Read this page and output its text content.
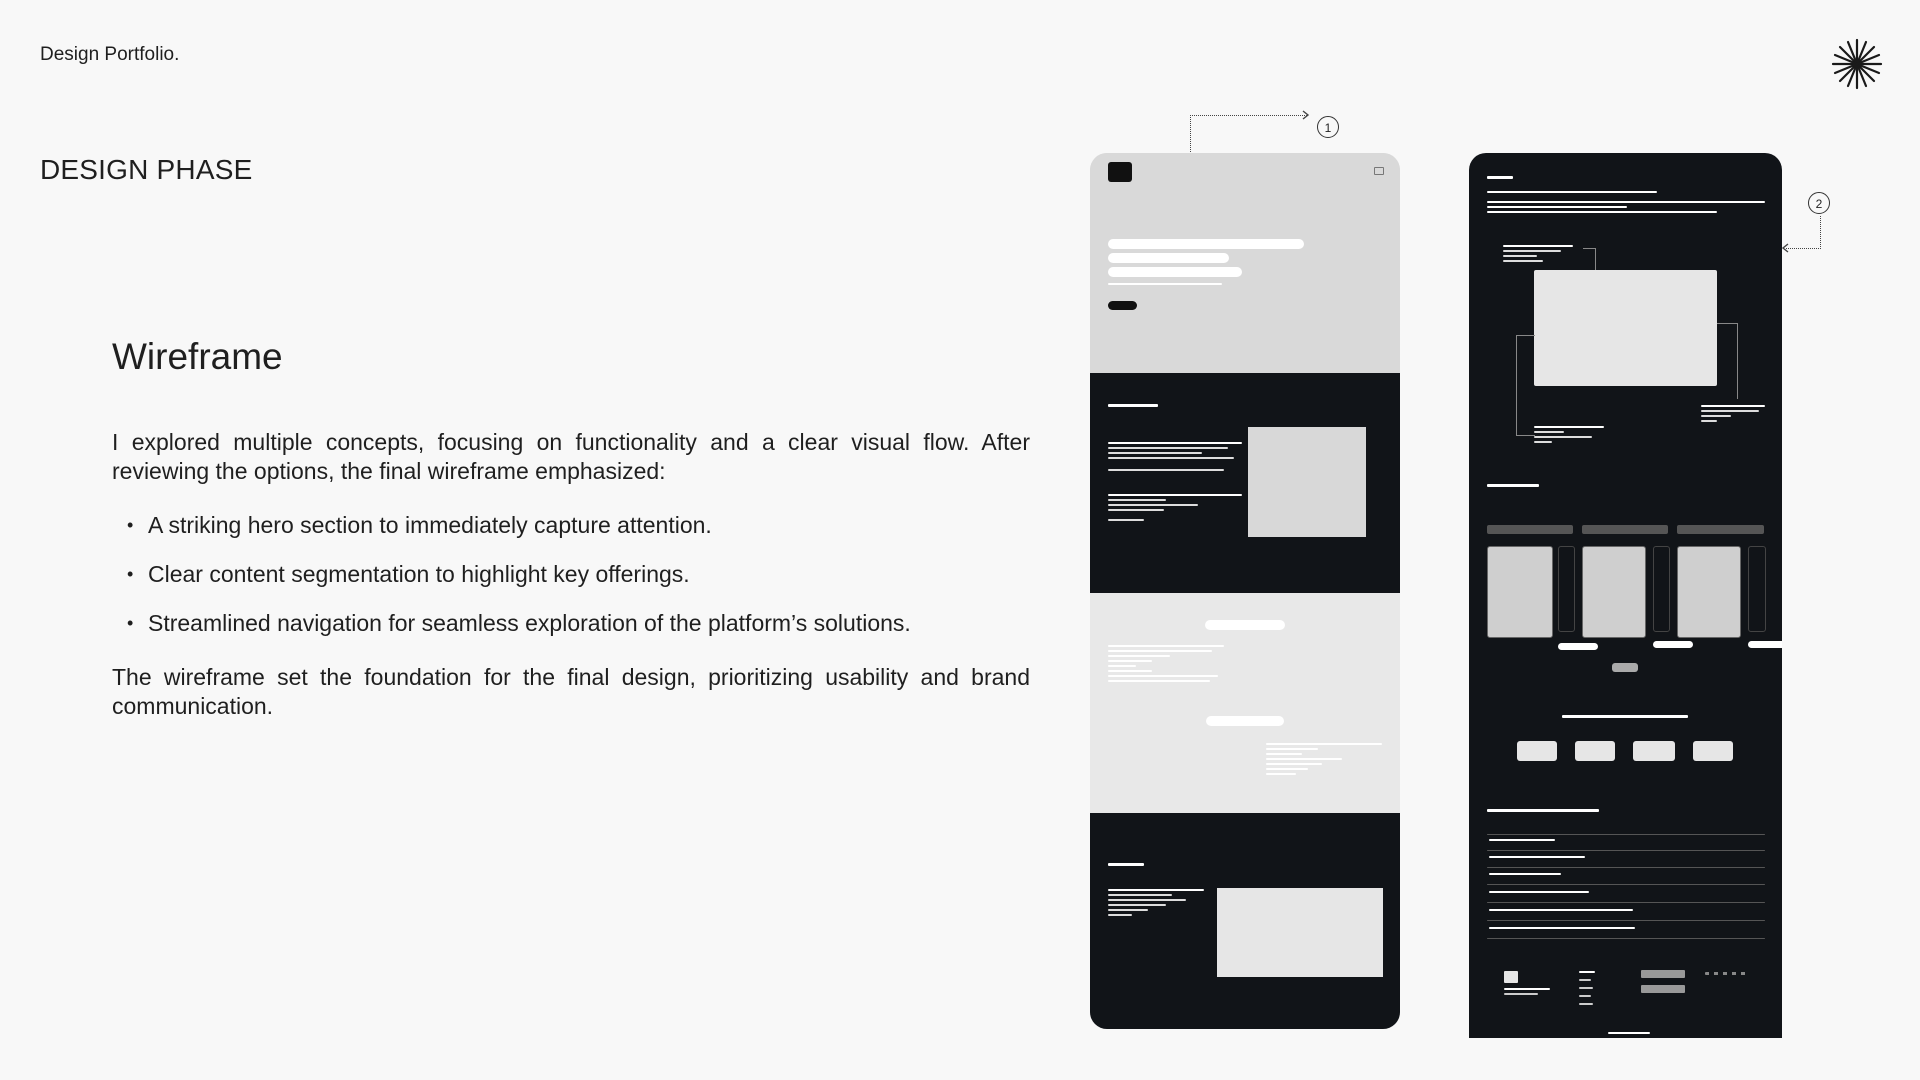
Design Portfolio.
DESIGN PHASE
Wireframe

I explored multiple concepts, focusing on functionality and a clear visual flow. After reviewing the options, the final wireframe emphasized:

• A striking hero section to immediately capture attention.
• Clear content segmentation to highlight key offerings.
• Streamlined navigation for seamless exploration of the platform’s solutions.

The wireframe set the foundation for the final design, prioritizing usability and brand communication.

1
2
